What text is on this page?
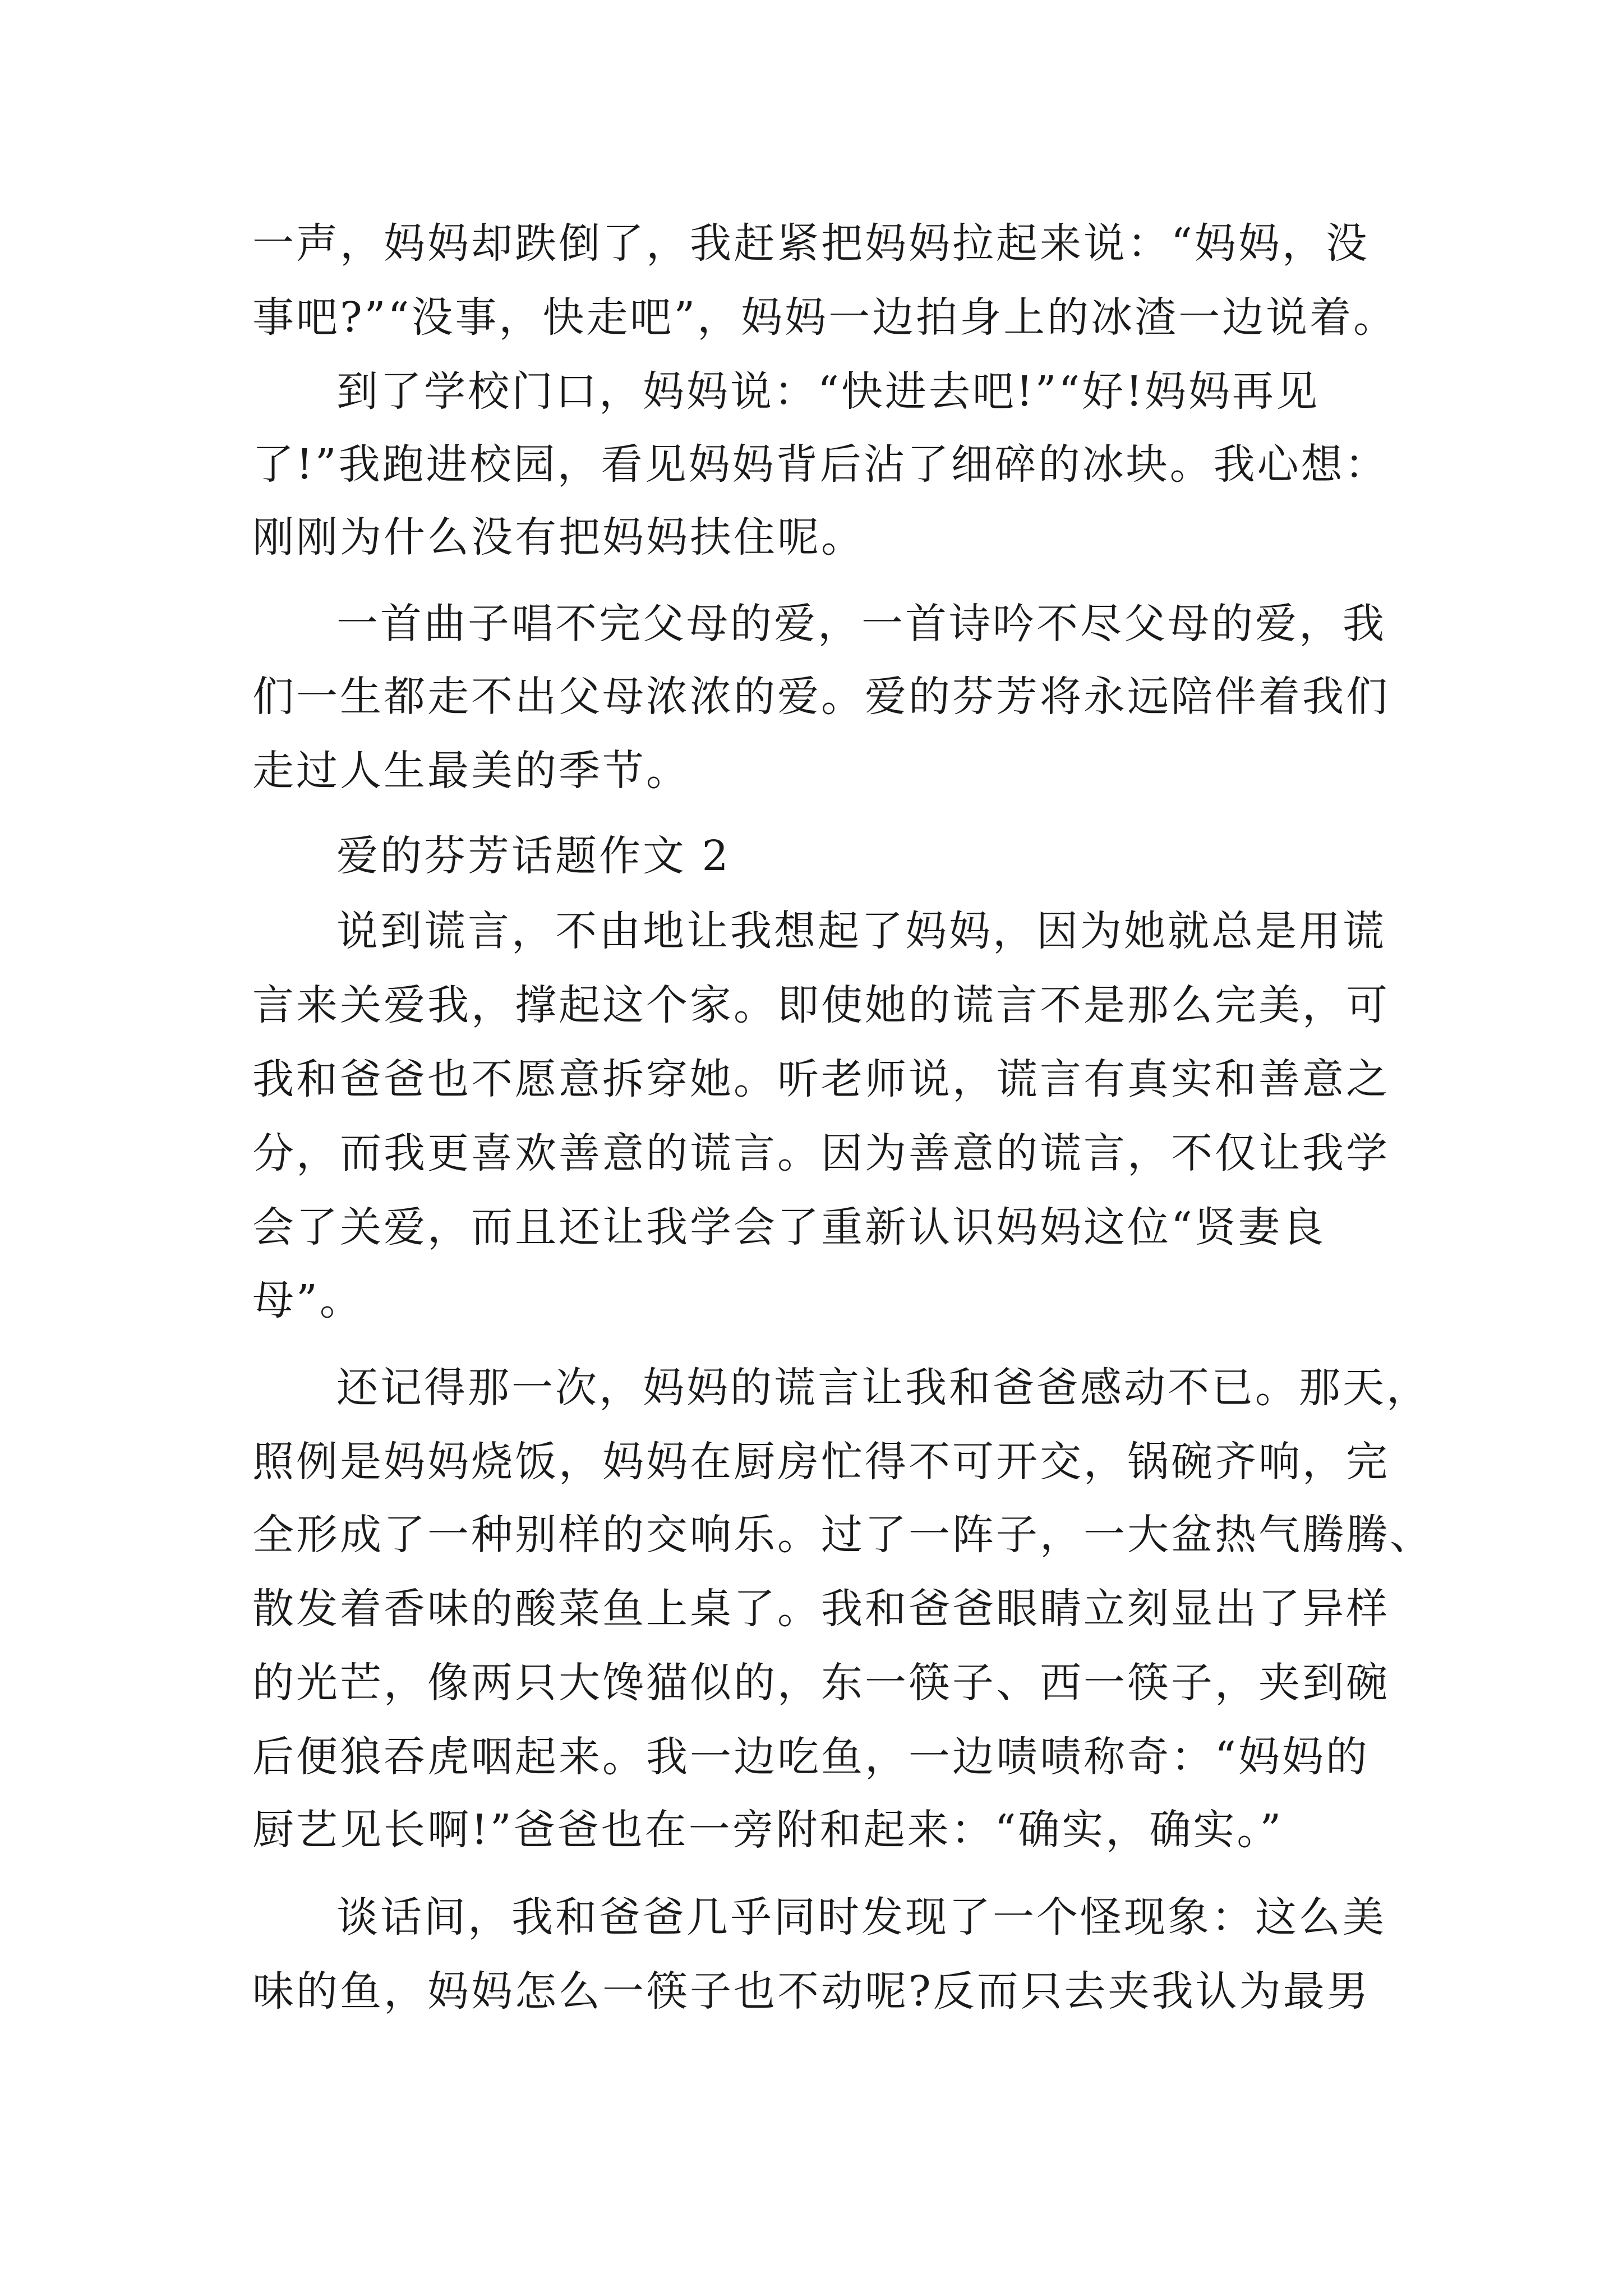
一声，妈妈却跌倒了，我赶紧把妈妈拉起来说：“妈妈，没
事吧?”“没事，快走吧”，妈妈一边拍身上的冰渣一边说着。
到了学校门口，妈妈说：“快进去吧!”“好!妈妈再见
了!”我跑进校园，看见妈妈背后沾了细碎的冰块。我心想：
刚刚为什么没有把妈妈扶住呢。
一首曲子唱不完父母的爱，一首诗吟不尽父母的爱，我
们一生都走不出父母浓浓的爱。爱的芬芳将永远陪伴着我们
走过人生最美的季节。
爱的芬芳话题作文 2
说到谎言，不由地让我想起了妈妈，因为她就总是用谎
言来关爱我，撑起这个家。即使她的谎言不是那么完美，可
我和爸爸也不愿意拆穿她。听老师说，谎言有真实和善意之
分，而我更喜欢善意的谎言。因为善意的谎言，不仅让我学
会了关爱，而且还让我学会了重新认识妈妈这位“贤妻良
母”。
还记得那一次，妈妈的谎言让我和爸爸感动不已。那天，
照例是妈妈烧饭，妈妈在厨房忙得不可开交，锅碗齐响，完
全形成了一种别样的交响乐。过了一阵子，一大盆热气腾腾、
散发着香味的酸菜鱼上桌了。我和爸爸眼睛立刻显出了异样
的光芒，像两只大馋猫似的，东一筷子、西一筷子，夹到碗
后便狼吞虎咽起来。我一边吃鱼，一边啧啧称奇：“妈妈的
厨艺见长啊!”爸爸也在一旁附和起来：“确实，确实。”
谈话间，我和爸爸几乎同时发现了一个怪现象：这么美
味的鱼，妈妈怎么一筷子也不动呢?反而只去夹我认为最男
